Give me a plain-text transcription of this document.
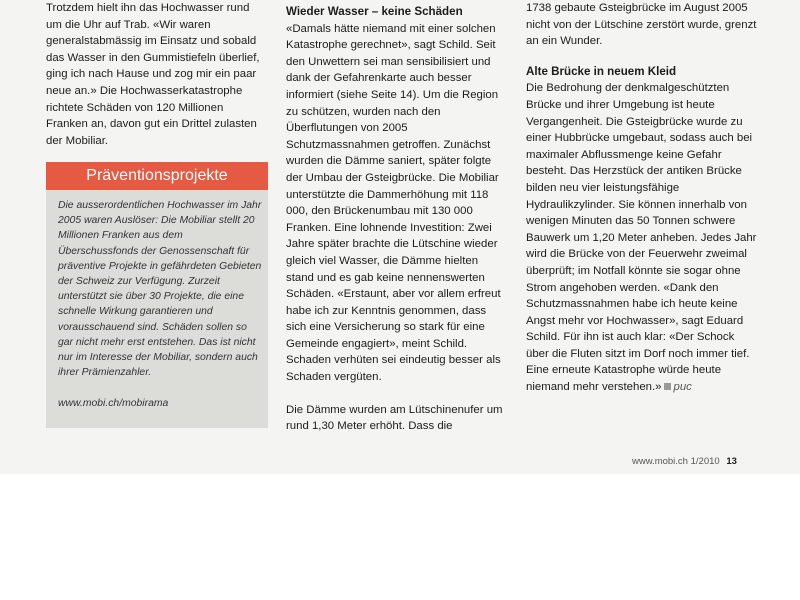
Trotzdem hielt ihn das Hochwasser rund um die Uhr auf Trab. «Wir waren generalstabmässig im Einsatz und sobald das Wasser in den Gummistiefeln überlief, ging ich nach Hause und zog mir ein paar neue an.» Die Hochwasserkatastrophe richtete Schäden von 120 Millionen Franken an, davon gut ein Drittel zulasten der Mobiliar.

Präventionsprojekte

Die ausserordentlichen Hochwasser im Jahr 2005 waren Auslöser: Die Mobiliar stellt 20 Millionen Franken aus dem Überschussfonds der Genossenschaft für präventive Projekte in gefährdeten Gebieten der Schweiz zur Verfügung. Zurzeit unterstützt sie über 30 Projekte, die eine schnelle Wirkung garantieren und vorausschauend sind. Schäden sollen so gar nicht mehr erst entstehen. Das ist nicht nur im Interesse der Mobiliar, sondern auch ihrer Prämienzahler.

www.mobi.ch/mobirama

Wieder Wasser – keine Schäden

«Damals hätte niemand mit einer solchen Katastrophe gerechnet», sagt Schild. Seit den Unwettern sei man sensibilisiert und dank der Gefahrenkarte auch besser informiert (siehe Seite 14). Um die Region zu schützen, wurden nach den Überflutungen von 2005 Schutzmassnahmen getroffen. Zunächst wurden die Dämme saniert, später folgte der Umbau der Gsteigbrücke. Die Mobiliar unterstützte die Dammerhöhung mit 118 000, den Brückenumbau mit 130 000 Franken. Eine lohnende Investition: Zwei Jahre später brachte die Lütschine wieder gleich viel Wasser, die Dämme hielten stand und es gab keine nennenswerten Schäden. «Erstaunt, aber vor allem erfreut habe ich zur Kenntnis genommen, dass sich eine Versicherung so stark für eine Gemeinde engagiert», meint Schild. Schaden verhüten sei eindeutig besser als Schaden vergüten.

Die Dämme wurden am Lütschinenufer um rund 1,30 Meter erhöht. Dass die

1738 gebaute Gsteigbrücke im August 2005 nicht von der Lütschine zerstört wurde, grenzt an ein Wunder.

Alte Brücke in neuem Kleid

Die Bedrohung der denkmalgeschützten Brücke und ihrer Umgebung ist heute Vergangenheit. Die Gsteigbrücke wurde zu einer Hubbrücke umgebaut, sodass auch bei maximaler Abflussmenge keine Gefahr besteht. Das Herzstück der antiken Brücke bilden neu vier leistungsfähige Hydraulikzylinder. Sie können innerhalb von wenigen Minuten das 50 Tonnen schwere Bauwerk um 1,20 Meter anheben. Jedes Jahr wird die Brücke von der Feuerwehr zweimal überprüft; im Notfall könnte sie sogar ohne Strom angehoben werden. «Dank den Schutzmassnahmen habe ich heute keine Angst mehr vor Hochwasser», sagt Eduard Schild. Für ihn ist auch klar: «Der Schock über die Fluten sitzt im Dorf noch immer tief. Eine erneute Katastrophe würde heute niemand mehr verstehen.» puc

www.mobi.ch 1/2010 13
